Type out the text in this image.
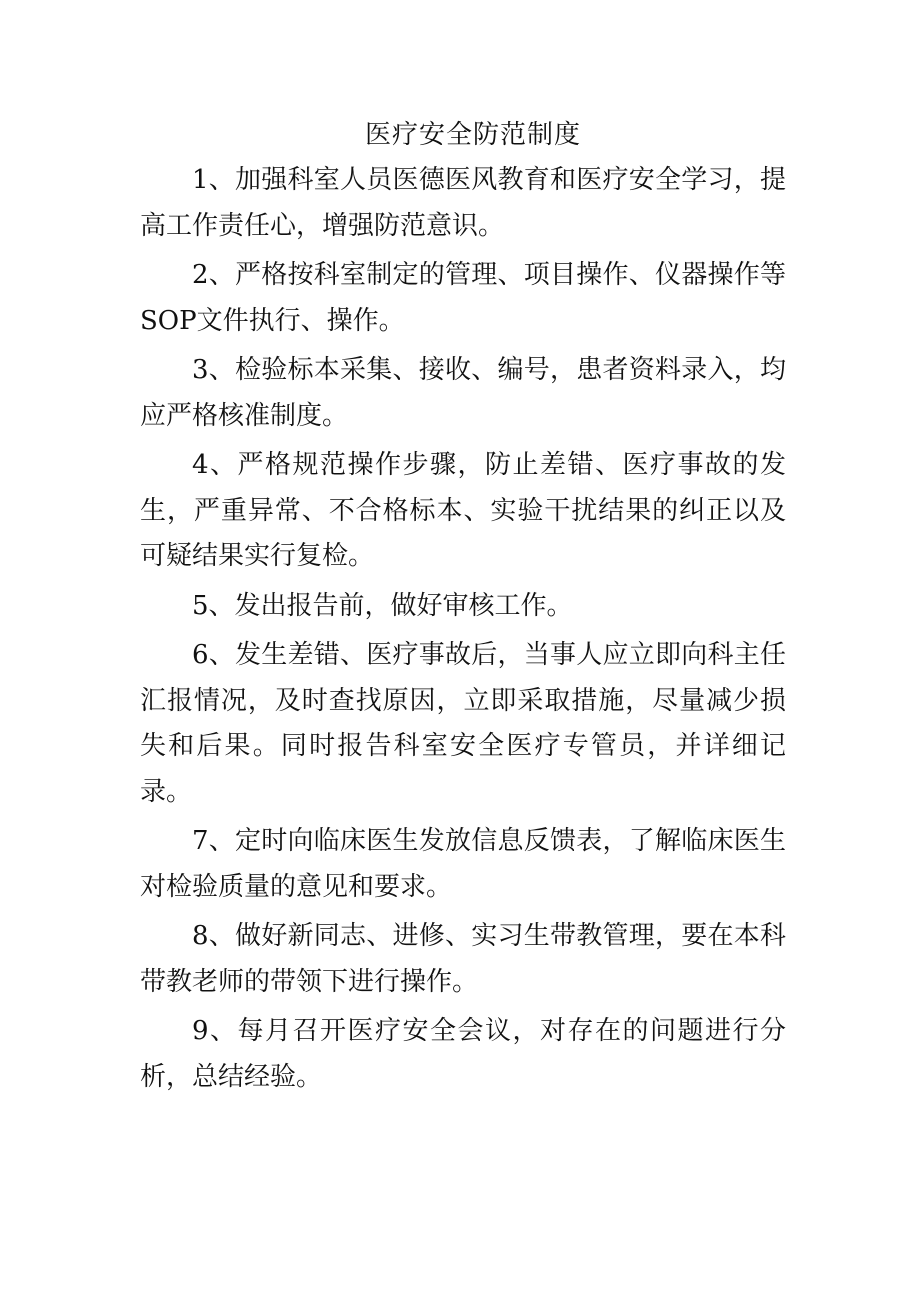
医疗安全防范制度

1、加强科室人员医德医风教育和医疗安全学习，提高工作责任心，增强防范意识。

2、严格按科室制定的管理、项目操作、仪器操作等SOP文件执行、操作。

3、检验标本采集、接收、编号，患者资料录入，均应严格核准制度。

4、严格规范操作步骤，防止差错、医疗事故的发生，严重异常、不合格标本、实验干扰结果的纠正以及可疑结果实行复检。

5、发出报告前，做好审核工作。

6、发生差错、医疗事故后，当事人应立即向科主任汇报情况，及时查找原因，立即采取措施，尽量减少损失和后果。同时报告科室安全医疗专管员，并详细记录。

7、定时向临床医生发放信息反馈表，了解临床医生对检验质量的意见和要求。

8、做好新同志、进修、实习生带教管理，要在本科带教老师的带领下进行操作。

9、每月召开医疗安全会议，对存在的问题进行分析，总结经验。
